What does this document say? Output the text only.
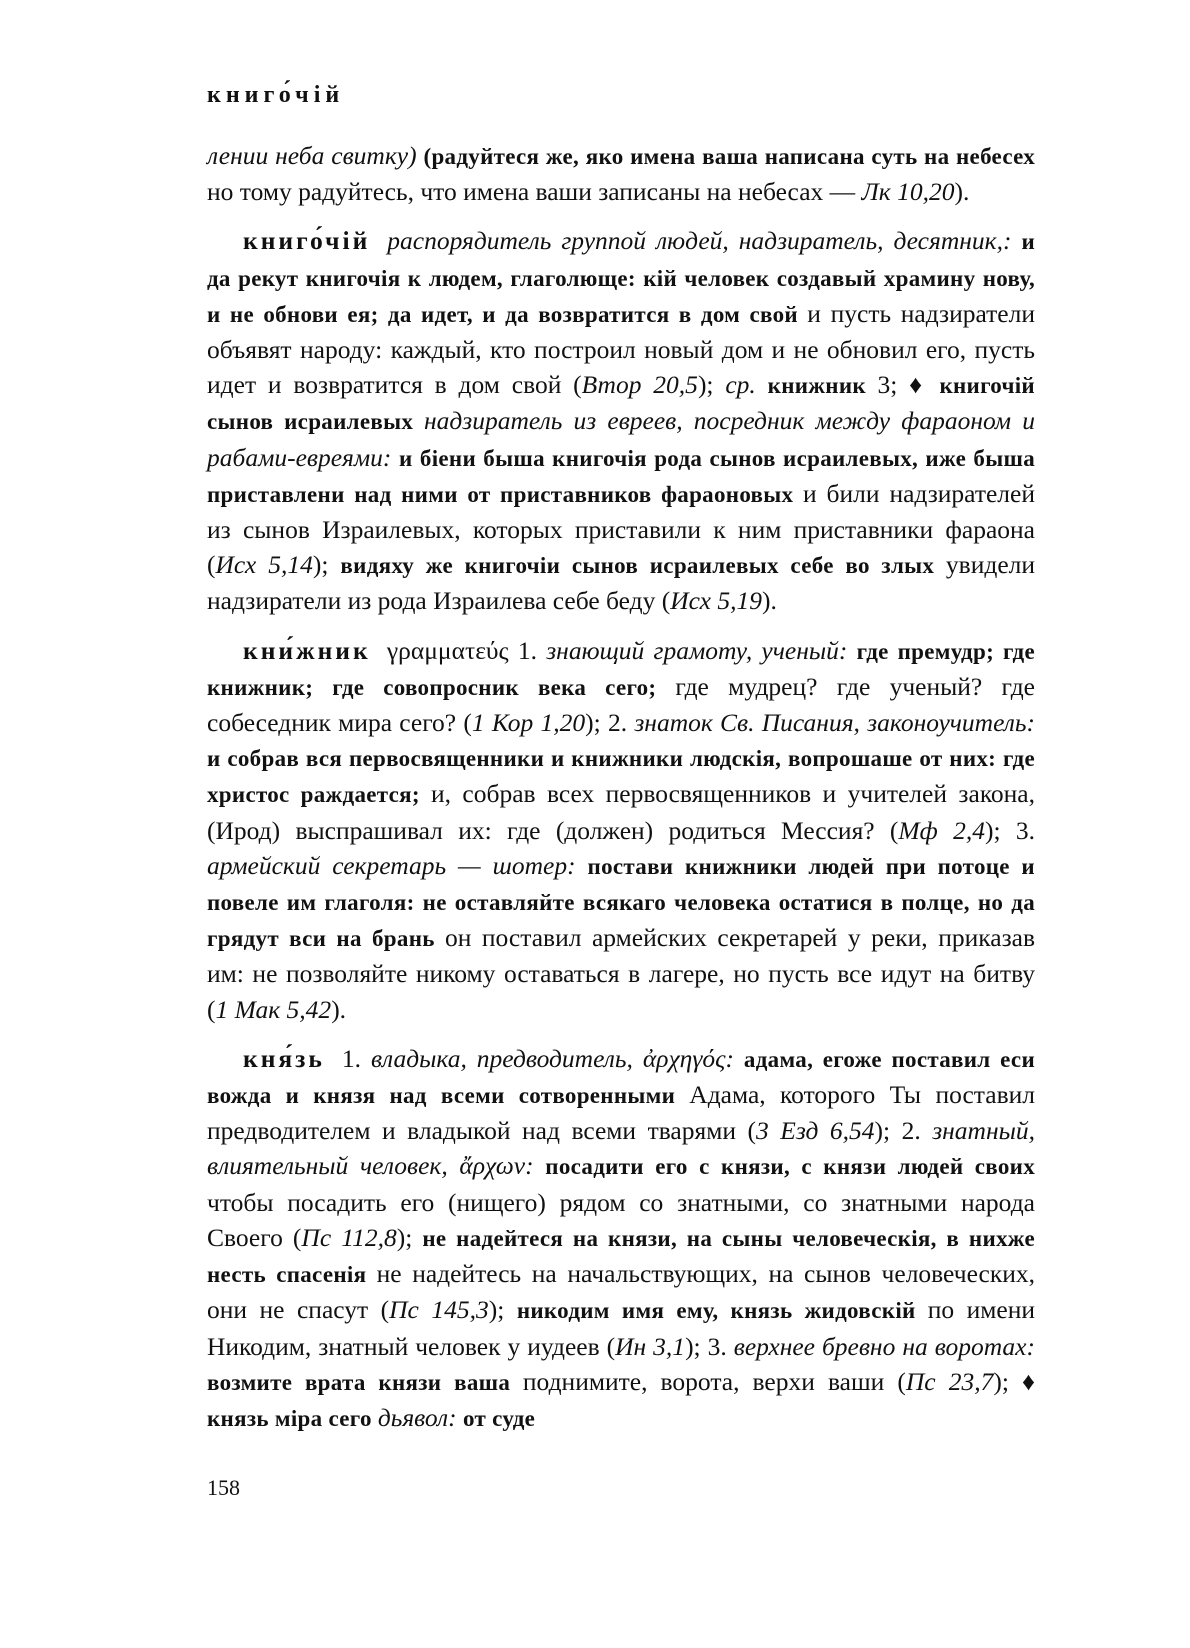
книго́чій

лении неба свитку) (радуйтеся же, яко имена ваша написана суть на небесех но тому радуйтесь, что имена ваши записаны на небесах — Лк 10,20).

книго́чій распорядитель группой людей, надзиратель, десятник,: и да рекут книгочія к людем, глаголюще: кій человек создавый храмину нову, и не обнови ея; да идет, и да возвратится в дом свой и пусть надзиратели объявят народу: каждый, кто построил новый дом и не обновил его, пусть идет и возвратится в дом свой (Втор 20,5); ср. книжник 3; ♦ книгочій сынов исраилевых надзиратель из евреев, посредник между фараоном и рабами-евреями: и біени быша книгочія рода сынов исраилевых, иже быша приставлени над ними от приставников фараоновых и били надзирателей из сынов Израилевых, которых приставили к ним приставники фараона (Исх 5,14); видяху же книгочіи сынов исраилевых себе во злых увидели надзиратели из рода Израилева себе беду (Исх 5,19).

кни́жник γραμματεύς 1. знающий грамоту, ученый: где премудр; где книжник; где совопросник века сего; где мудрец? где ученый? где собеседник мира сего? (1 Кор 1,20); 2. знаток Св. Писания, законоучитель: и собрав вся первосвященники и книжники людскія, вопрошаше от них: где христос раждается; и, собрав всех первосвященников и учителей закона, (Ирод) выспрашивал их: где (должен) родиться Мессия? (Мф 2,4); 3. армейский секретарь — шотер: постави книжники людей при потоце и повеле им глаголя: не оставляйте всякаго человека остатися в полце, но да грядут вси на брань он поставил армейских секретарей у реки, приказав им: не позволяйте никому оставаться в лагере, но пусть все идут на битву (1 Мак 5,42).

кня́зь 1. владыка, предводитель, ἀρχηγός: адама, егоже поставил еси вожда и князя над всеми сотворенными Адама, которого Ты поставил предводителем и владыкой над всеми тварями (3 Езд 6,54); 2. знатный, влиятельный человек, ἄρχων: посадити его с князи, с князи людей своих чтобы посадить его (нищего) рядом со знатными, со знатными народа Своего (Пс 112,8); не надейтеся на князи, на сыны человеческія, в нихже несть спасенія не надейтесь на начальствующих, на сынов человеческих, они не спасут (Пс 145,3); никодим имя ему, князь жидовскій по имени Никодим, знатный человек у иудеев (Ин 3,1); 3. верхнее бревно на воротах: возмите врата князи ваша поднимите, ворота, верхи ваши (Пс 23,7); ♦ князь міра сего дьявол: от суде

158
